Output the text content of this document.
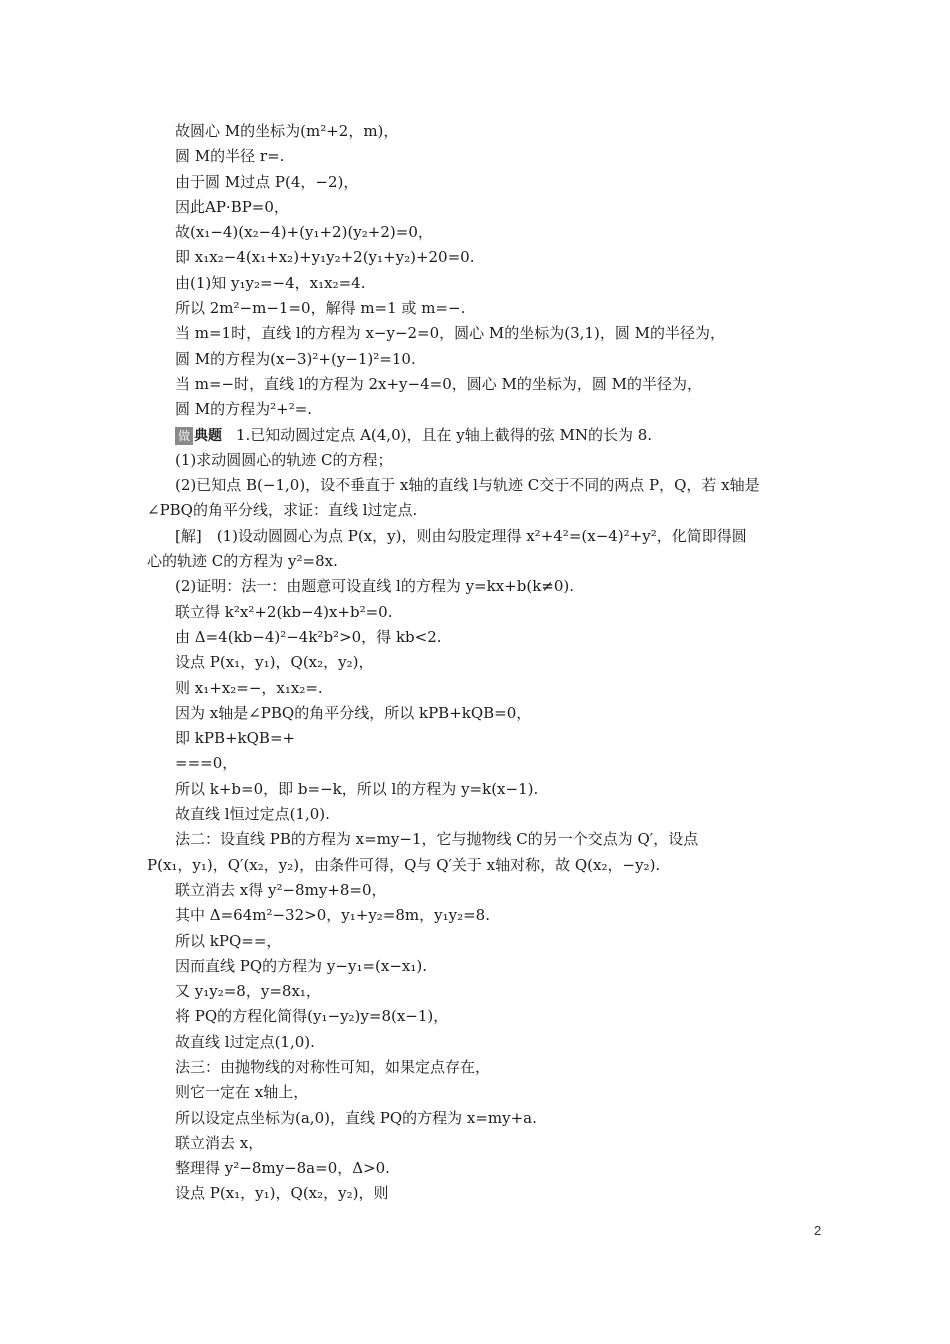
故圆心 M的坐标为(m²+2，m)，
圆 M的半径 r=.
由于圆 M过点 P(4，−2)，
因此AP·BP=0，
故(x₁−4)(x₂−4)+(y₁+2)(y₂+2)=0，
即 x₁x₂−4(x₁+x₂)+y₁y₂+2(y₁+y₂)+20=0.
由(1)知 y₁y₂=−4，x₁x₂=4.
所以 2m²−m−1=0，解得 m=1 或 m=−.
当 m=1时，直线 l的方程为 x−y−2=0，圆心 M的坐标为(3,1)，圆 M的半径为，
圆 M的方程为(x−3)²+(y−1)²=10.
当 m=−时，直线 l的方程为 2x+y−4=0，圆心 M的坐标为，圆 M的半径为，
圆 M的方程为²+²=.
做 典题 1.已知动圆过定点 A(4,0)，且在 y轴上截得的弦 MN的长为 8.
(1)求动圆圆心的轨迹 C的方程；
(2)已知点 B(−1,0)，设不垂直于 x轴的直线 l与轨迹 C交于不同的两点 P，Q，若 x轴是
∠PBQ的角平分线，求证：直线 l过定点.
[解]　(1)设动圆圆心为点 P(x，y)，则由勾股定理得 x²+4²=(x−4)²+y²，化简即得圆
心的轨迹 C的方程为 y²=8x.
(2)证明：法一：由题意可设直线 l的方程为 y=kx+b(k≠0).
联立得 k²x²+2(kb−4)x+b²=0.
由 Δ=4(kb−4)²−4k²b²>0，得 kb<2.
设点 P(x₁，y₁)，Q(x₂，y₂)，
则 x₁+x₂=−，x₁x₂=.
因为 x轴是∠PBQ的角平分线，所以 kPB+kQB=0，
即 kPB+kQB=+
===0，
所以 k+b=0，即 b=−k，所以 l的方程为 y=k(x−1).
故直线 l恒过定点(1,0).
法二：设直线 PB的方程为 x=my−1，它与抛物线 C的另一个交点为 Q′，设点
P(x₁，y₁)，Q′(x₂，y₂)，由条件可得，Q与 Q′关于 x轴对称，故 Q(x₂，−y₂).
联立消去 x得 y²−8my+8=0，
其中 Δ=64m²−32>0，y₁+y₂=8m，y₁y₂=8.
所以 kPQ==，
因而直线 PQ的方程为 y−y₁=(x−x₁).
又 y₁y₂=8，y=8x₁，
将 PQ的方程化简得(y₁−y₂)y=8(x−1)，
故直线 l过定点(1,0).
法三：由抛物线的对称性可知，如果定点存在，
则它一定在 x轴上，
所以设定点坐标为(a,0)，直线 PQ的方程为 x=my+a.
联立消去 x，
整理得 y²−8my−8a=0，Δ>0.
设点 P(x₁，y₁)，Q(x₂，y₂)，则
2
